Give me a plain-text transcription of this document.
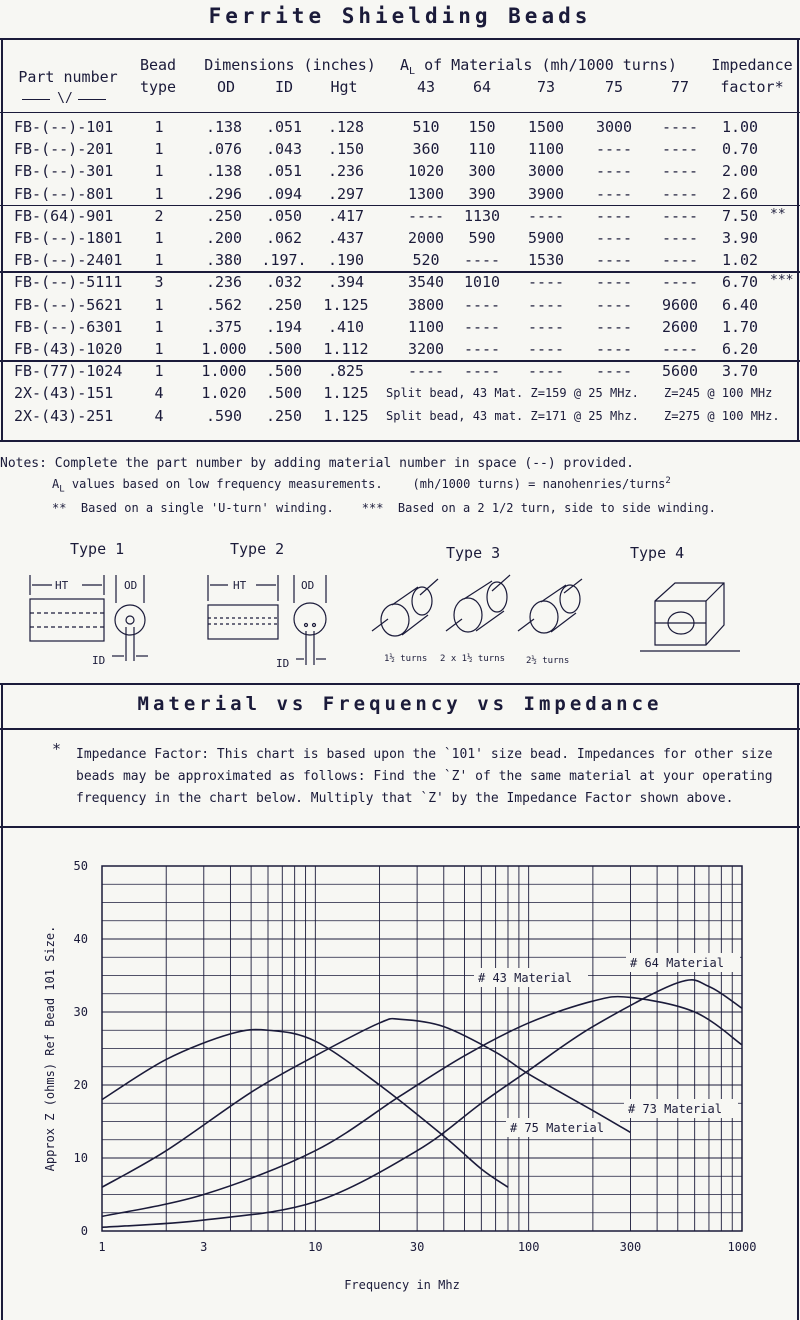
Ferrite Shielding Beads
Part number
\/
Bead
type
Dimensions (inches)
OD	ID	Hgt
$A_L$ of Materials (mh/1000 turns)
43	64	73	75	77
Impedance
factor*
FB-(--)-101	1	.138	.051	.128	510	150	1500	3000	----	1.00
FB-(--)-201	1	.076	.043	.150	360	110	1100	----	----	0.70
FB-(--)-301	1	.138	.051	.236	1020	300	3000	----	----	2.00
FB-(--)-801	1	.296	.094	.297	1300	390	3900	----	----	2.60
FB-(64)-901	2	.250	.050	.417	----	1130	----	----	----	7.50 **
FB-(--)-1801	1	.200	.062	.437	2000	590	5900	----	----	3.90
FB-(--)-2401	1	.380	.197.	.190	520	----	1530	----	----	1.02
FB-(--)-5111	3	.236	.032	.394	3540	1010	----	----	----	6.70 ***
FB-(--)-5621	1	.562	.250	1.125	3800	----	----	----	9600	6.40
FB-(--)-6301	1	.375	.194	.410	1100	----	----	----	2600	1.70
FB-(43)-1020	1	1.000	.500	1.112	3200	----	----	----	----	6.20
FB-(77)-1024	1	1.000	.500	.825	----	----	----	----	5600	3.70
2X-(43)-151	4	1.020	.500	1.125	Split bead, 43 Mat. Z=159 @ 25 MHz. Z=245 @ 100 MHz
2X-(43)-251	4	.590	.250	1.125	Split bead, 43 mat. Z=171 @ 25 Mhz. Z=275 @ 100 MHz.
Notes: Complete the part number by adding material number in space (--) provided.
$A_L$ values based on low frequency measurements.	(mh/1000 turns) = nanohenries/turns$^2$
** Based on a single 'U-turn' winding. *** Based on a 2 1/2 turn, side to side winding.
Type 1	Type 2	Type 3	Type 4
1½ turns 2 x 1½ turns 2½ turns
HT	OD
ID
HT	OD
ID
Material vs Frequency vs Impedance
* Impedance Factor: This chart is based upon the `101' size bead. Impedances for other size
beads may be approximated as follows: Find the `Z' of the same material at your operating
frequency in the chart below. Multiply that `Z' by the Impedance Factor shown above.
1	3	10	30	100	300	1000
0
10
20
30
40
50
Frequency in Mhz
Approx Z (ohms) Ref Bead 101 Size.	# 75 Material
# 73 Material
# 43 Material
# 64 Material
